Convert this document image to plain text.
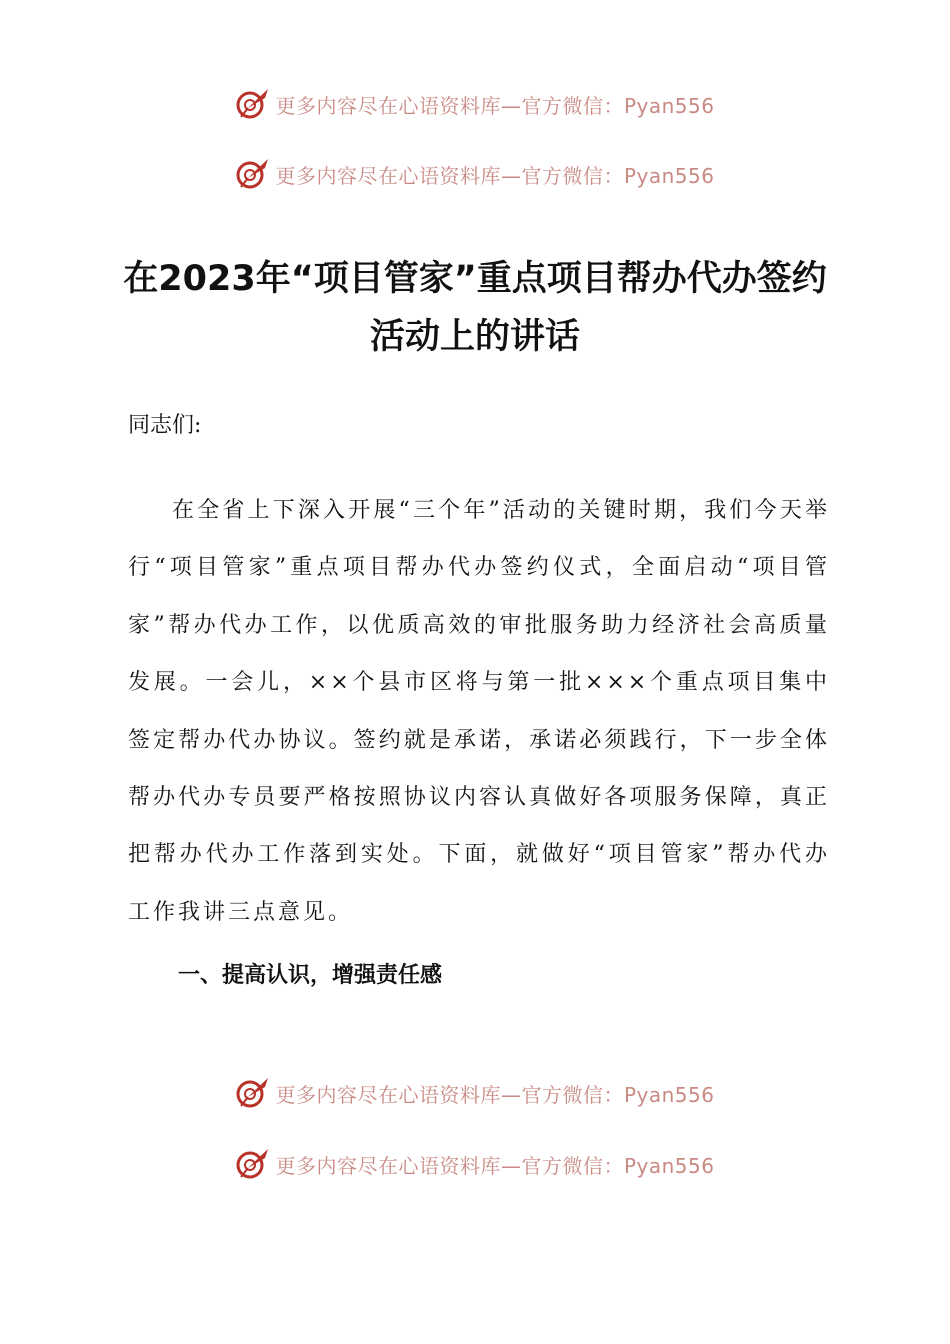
更多内容尽在心语资料库—官方微信：Pyan556
更多内容尽在心语资料库—官方微信：Pyan556
在2023年“项目管家”重点项目帮办代办签约活动上的讲话

同志们:

在全省上下深入开展“三个年”活动的关键时期，我们今天举行“项目管家”重点项目帮办代办签约仪式，全面启动“项目管家”帮办代办工作，以优质高效的审批服务助力经济社会高质量发展。一会儿，××个县市区将与第一批×××个重点项目集中签定帮办代办协议。签约就是承诺，承诺必须践行，下一步全体帮办代办专员要严格按照协议内容认真做好各项服务保障，真正把帮办代办工作落到实处。下面，就做好“项目管家”帮办代办工作我讲三点意见。

一、提高认识，增强责任感
更多内容尽在心语资料库—官方微信：Pyan556
更多内容尽在心语资料库—官方微信：Pyan556
